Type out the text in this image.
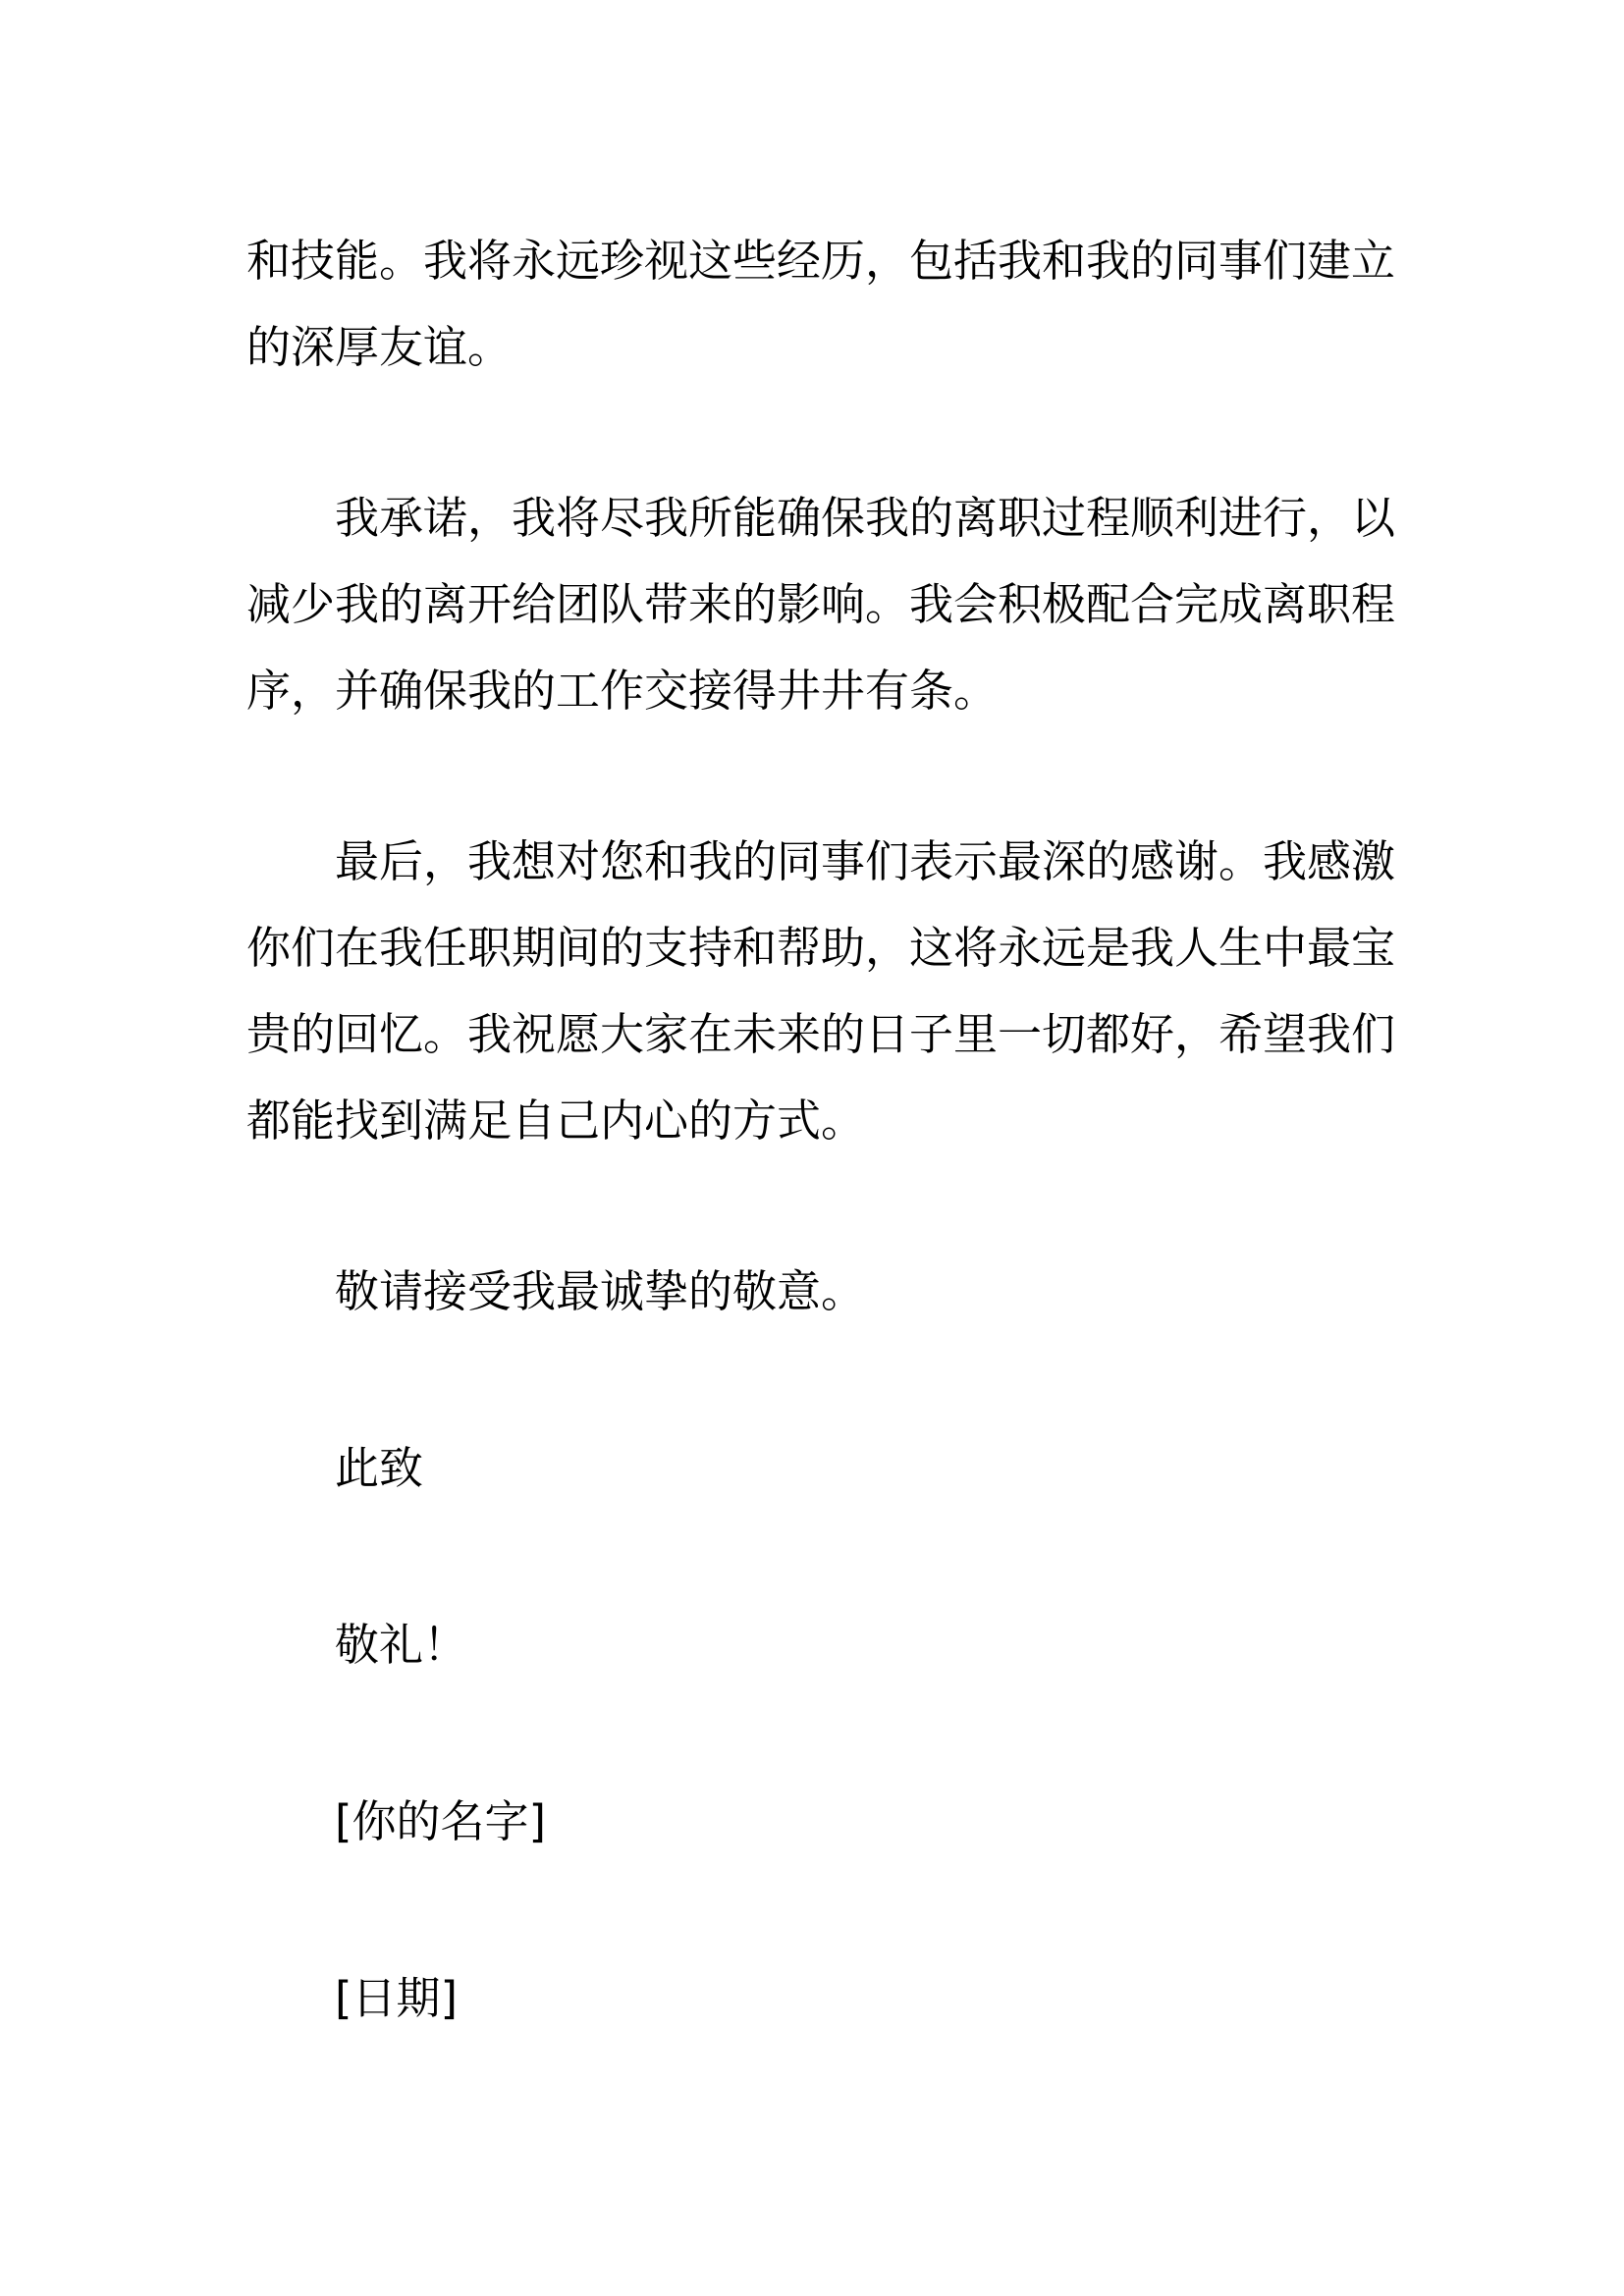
和技能。我将永远珍视这些经历，包括我和我的同事们建立
的深厚友谊。

我承诺，我将尽我所能确保我的离职过程顺利进行，以
减少我的离开给团队带来的影响。我会积极配合完成离职程
序，并确保我的工作交接得井井有条。

最后，我想对您和我的同事们表示最深的感谢。我感激
你们在我任职期间的支持和帮助，这将永远是我人生中最宝
贵的回忆。我祝愿大家在未来的日子里一切都好，希望我们
都能找到满足自己内心的方式。

敬请接受我最诚挚的敬意。

此致

敬礼！

[你的名字]

[日期]
